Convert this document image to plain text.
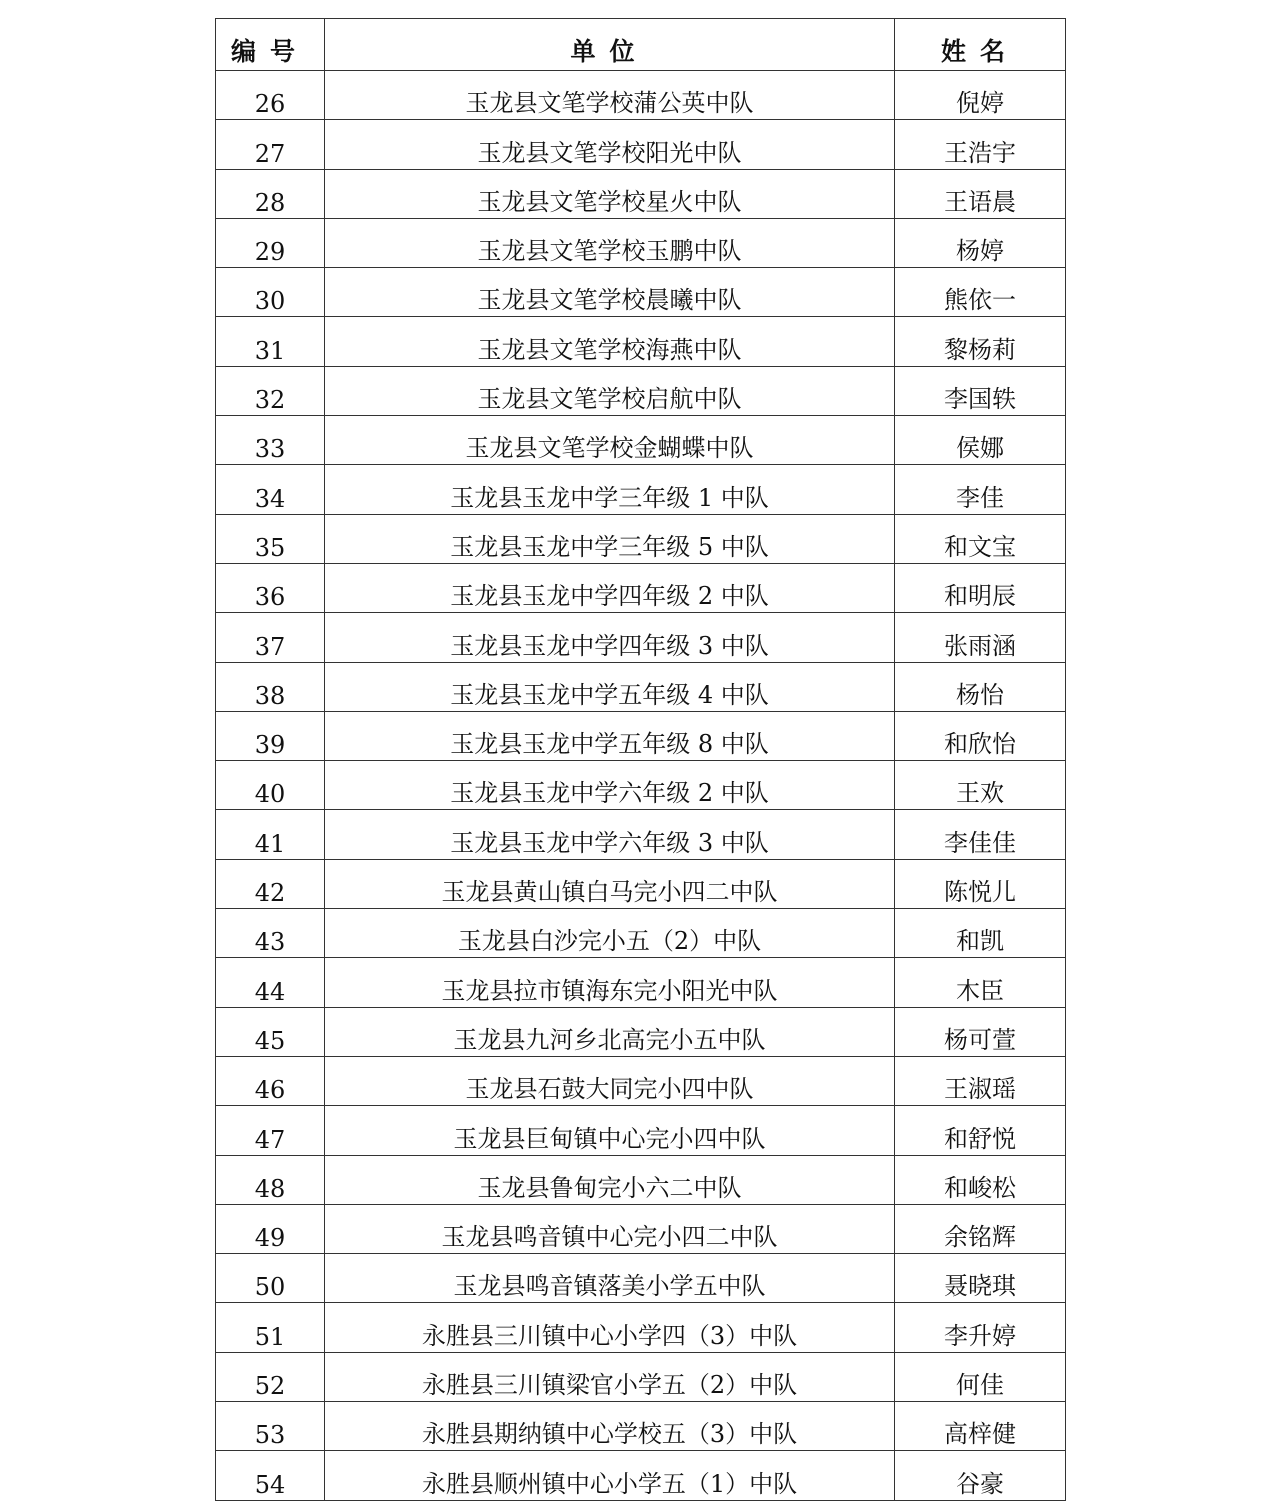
编号	单位	姓名
26	玉龙县文笔学校蒲公英中队	倪婷
27	玉龙县文笔学校阳光中队	王浩宇
28	玉龙县文笔学校星火中队	王语晨
29	玉龙县文笔学校玉鹏中队	杨婷
30	玉龙县文笔学校晨曦中队	熊依一
31	玉龙县文笔学校海燕中队	黎杨莉
32	玉龙县文笔学校启航中队	李国轶
33	玉龙县文笔学校金蝴蝶中队	侯娜
34	玉龙县玉龙中学三年级 1 中队	李佳
35	玉龙县玉龙中学三年级 5 中队	和文宝
36	玉龙县玉龙中学四年级 2 中队	和明辰
37	玉龙县玉龙中学四年级 3 中队	张雨涵
38	玉龙县玉龙中学五年级 4 中队	杨怡
39	玉龙县玉龙中学五年级 8 中队	和欣怡
40	玉龙县玉龙中学六年级 2 中队	王欢
41	玉龙县玉龙中学六年级 3 中队	李佳佳
42	玉龙县黄山镇白马完小四二中队	陈悦儿
43	玉龙县白沙完小五（2）中队	和凯
44	玉龙县拉市镇海东完小阳光中队	木臣
45	玉龙县九河乡北高完小五中队	杨可萱
46	玉龙县石鼓大同完小四中队	王淑瑶
47	玉龙县巨甸镇中心完小四中队	和舒悦
48	玉龙县鲁甸完小六二中队	和峻松
49	玉龙县鸣音镇中心完小四二中队	余铭辉
50	玉龙县鸣音镇落美小学五中队	聂晓琪
51	永胜县三川镇中心小学四（3）中队	李升婷
52	永胜县三川镇梁官小学五（2）中队	何佳
53	永胜县期纳镇中心学校五（3）中队	高梓健
54	永胜县顺州镇中心小学五（1）中队	谷豪
